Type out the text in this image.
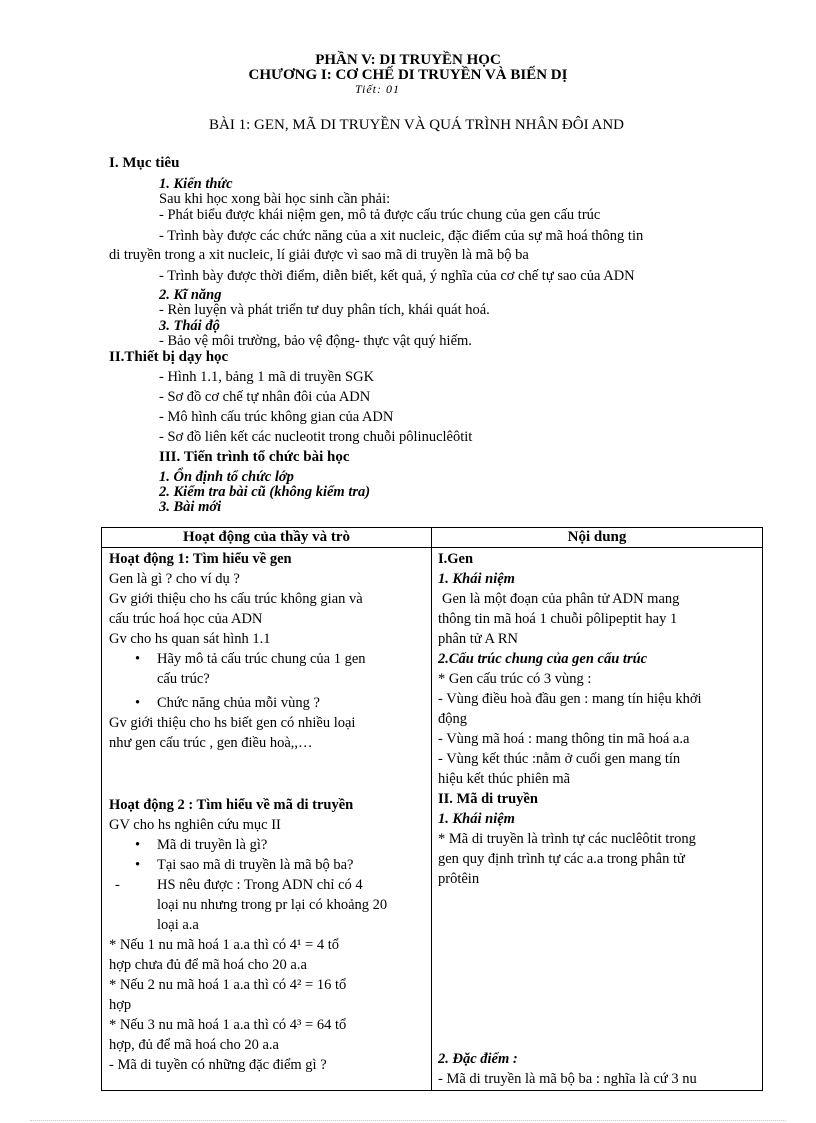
PHẦN V: DI TRUYỀN HỌC
CHƯƠNG I: CƠ CHẾ DI TRUYỀN VÀ BIẾN DỊ
Tiết: 01
BÀI 1: GEN, MÃ DI TRUYỀN VÀ QUÁ TRÌNH NHÂN ĐÔI AND
I. Mục tiêu
1. Kiến thức
Sau khi học xong bài học sinh cần phải:
- Phát biểu được khái niệm gen, mô tả được cấu trúc chung của gen cấu trúc
- Trình bày được các chức năng của a xit nucleic, đặc điểm của sự mã hoá thông tin
di truyền trong a xit nucleic, lí giải được vì sao mã di truyền là mã bộ ba
- Trình bày được thời điểm, diễn biết, kết quả, ý nghĩa của cơ chế tự sao của ADN
2. Kĩ năng
- Rèn luyện và phát triển tư duy phân tích, khái quát hoá.
3. Thái độ
- Bảo vệ môi trường, bảo vệ động- thực vật quý hiếm.
II.Thiết bị dạy học
- Hình 1.1, bảng 1 mã di truyền SGK
- Sơ đồ cơ chế tự nhân đôi của ADN
- Mô hình cấu trúc không gian của ADN
- Sơ đồ liên kết các nucleotit trong chuỗi pôlinuclêôtit
III. Tiến trình tổ chức bài học
1. Ổn định tổ chức lớp
2. Kiểm tra bài cũ (không kiểm tra)
3. Bài mới
Hoạt động của thầy và trò	Nội dung
Hoạt động 1: Tìm hiểu về gen
Gen là gì ? cho ví dụ ?
Gv giới thiệu cho hs cấu trúc không gian và
cấu trúc hoá học của ADN
Gv cho hs quan sát hình 1.1
• Hãy mô tả cấu trúc chung của 1 gen
cấu trúc?
• Chức năng chủa mỗi vùng ?
Gv giới thiệu cho hs biết gen có nhiều loại
như gen cấu trúc , gen điều hoà,,…
Hoạt động 2 : Tìm hiểu về mã di truyền
GV cho hs nghiên cứu mục II
• Mã di truyền là gì?
• Tại sao mã di truyền là mã bộ ba?
- HS nêu được : Trong ADN chỉ có 4
loại nu nhưng trong pr lại có khoảng 20
loại a.a
* Nếu 1 nu mã hoá 1 a.a thì có 4¹ = 4 tổ
hợp chưa đủ để mã hoá cho 20 a.a
* Nếu 2 nu mã hoá 1 a.a thì có 4² = 16 tổ
hợp
* Nếu 3 nu mã hoá 1 a.a thì có 4³ = 64 tổ
hợp, đủ để mã hoá cho 20 a.a
- Mã di tuyền có những đặc điểm gì ?
I.Gen
1. Khái niệm
Gen là một đoạn của phân tử ADN mang
thông tin mã hoá 1 chuỗi pôlipeptit hay 1
phân tử A RN
2.Cấu trúc chung của gen cấu trúc
* Gen cấu trúc có 3 vùng :
- Vùng điều hoà đầu gen : mang tín hiệu khởi
động
- Vùng mã hoá : mang thông tin mã hoá a.a
- Vùng kết thúc :nằm ở cuối gen mang tín
hiệu kết thúc phiên mã
II. Mã di truyền
1. Khái niệm
* Mã di truyền là trình tự các nuclêôtit trong
gen quy định trình tự các a.a trong phân tử
prôtêin
2. Đặc điểm :
- Mã di truyền là mã bộ ba : nghĩa là cứ 3 nu
